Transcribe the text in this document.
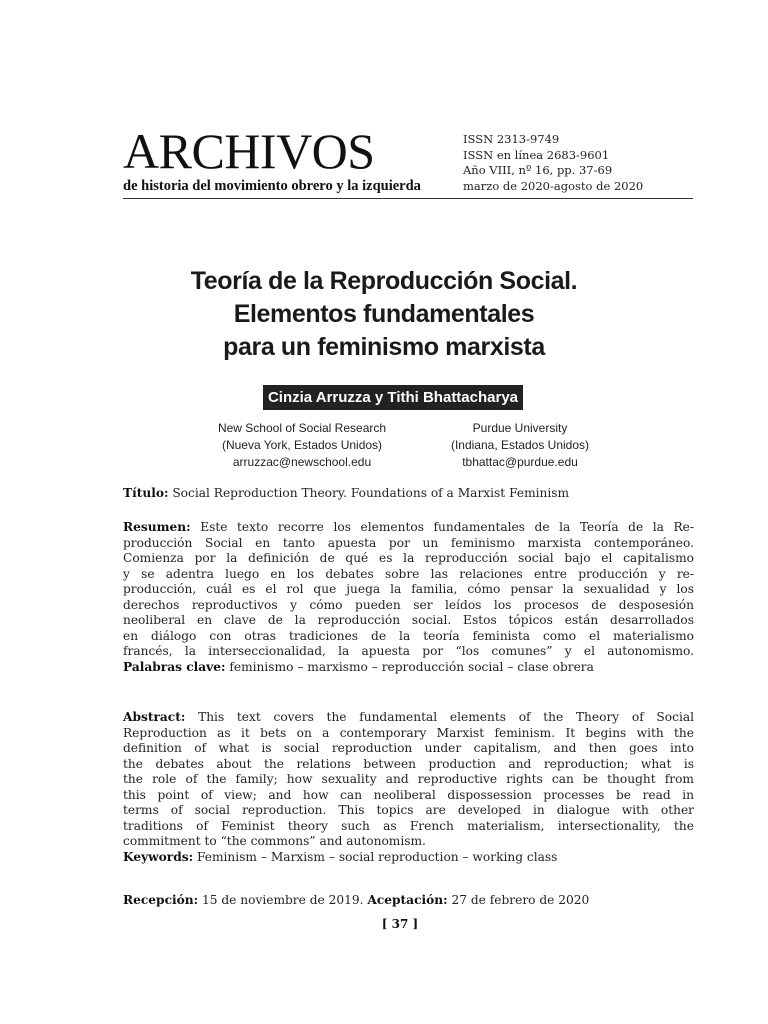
ARCHIVOS
de historia del movimiento obrero y la izquierda
ISSN 2313-9749
ISSN en línea 2683-9601
Año VIII, nº 16, pp. 37-69
marzo de 2020-agosto de 2020
Teoría de la Reproducción Social.
Elementos fundamentales
para un feminismo marxista
Cinzia Arruzza y Tithi Bhattacharya
New School of Social Research
(Nueva York, Estados Unidos)
arruzzac@newschool.edu
Purdue University
(Indiana, Estados Unidos)
tbhattac@purdue.edu
Título: Social Reproduction Theory. Foundations of a Marxist Feminism
Resumen: Este texto recorre los elementos fundamentales de la Teoría de la Re-
producción Social en tanto apuesta por un feminismo marxista contemporáneo.
Comienza por la definición de qué es la reproducción social bajo el capitalismo
y se adentra luego en los debates sobre las relaciones entre producción y re-
producción, cuál es el rol que juega la familia, cómo pensar la sexualidad y los
derechos reproductivos y cómo pueden ser leídos los procesos de desposesión
neoliberal en clave de la reproducción social. Estos tópicos están desarrollados
en diálogo con otras tradiciones de la teoría feminista como el materialismo
francés, la interseccionalidad, la apuesta por “los comunes” y el autonomismo.
Palabras clave: feminismo – marxismo – reproducción social – clase obrera
Abstract: This text covers the fundamental elements of the Theory of Social
Reproduction as it bets on a contemporary Marxist feminism. It begins with the
definition of what is social reproduction under capitalism, and then goes into
the debates about the relations between production and reproduction; what is
the role of the family; how sexuality and reproductive rights can be thought from
this point of view; and how can neoliberal dispossession processes be read in
terms of social reproduction. This topics are developed in dialogue with other
traditions of Feminist theory such as French materialism, intersectionality, the
commitment to “the commons” and autonomism.
Keywords: Feminism – Marxism – social reproduction – working class
Recepción: 15 de noviembre de 2019. Aceptación: 27 de febrero de 2020
[ 37 ]
